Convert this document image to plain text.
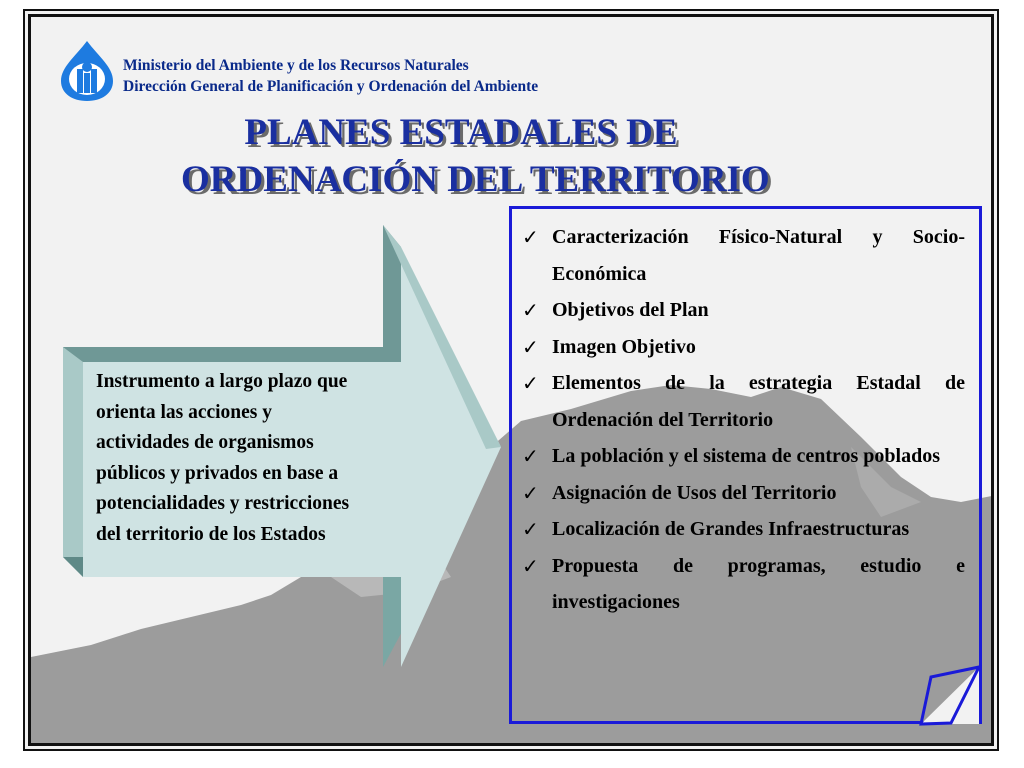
Ministerio del Ambiente y de los Recursos Naturales
Dirección General de Planificación y Ordenación del Ambiente
PLANES ESTADALES DE
ORDENACIÓN DEL TERRITORIO
Instrumento a largo plazo que
orienta las acciones y
actividades de organismos
públicos y privados en base a
potencialidades y restricciones
del territorio de los Estados
✓ Caracterización Físico-Natural y Socio-Económica
✓ Objetivos del Plan
✓ Imagen Objetivo
✓ Elementos de la estrategia Estadal de Ordenación del Territorio
✓ La población y el sistema de centros poblados
✓ Asignación de Usos del Territorio
✓ Localización de Grandes Infraestructuras
✓ Propuesta de programas, estudio e investigaciones
